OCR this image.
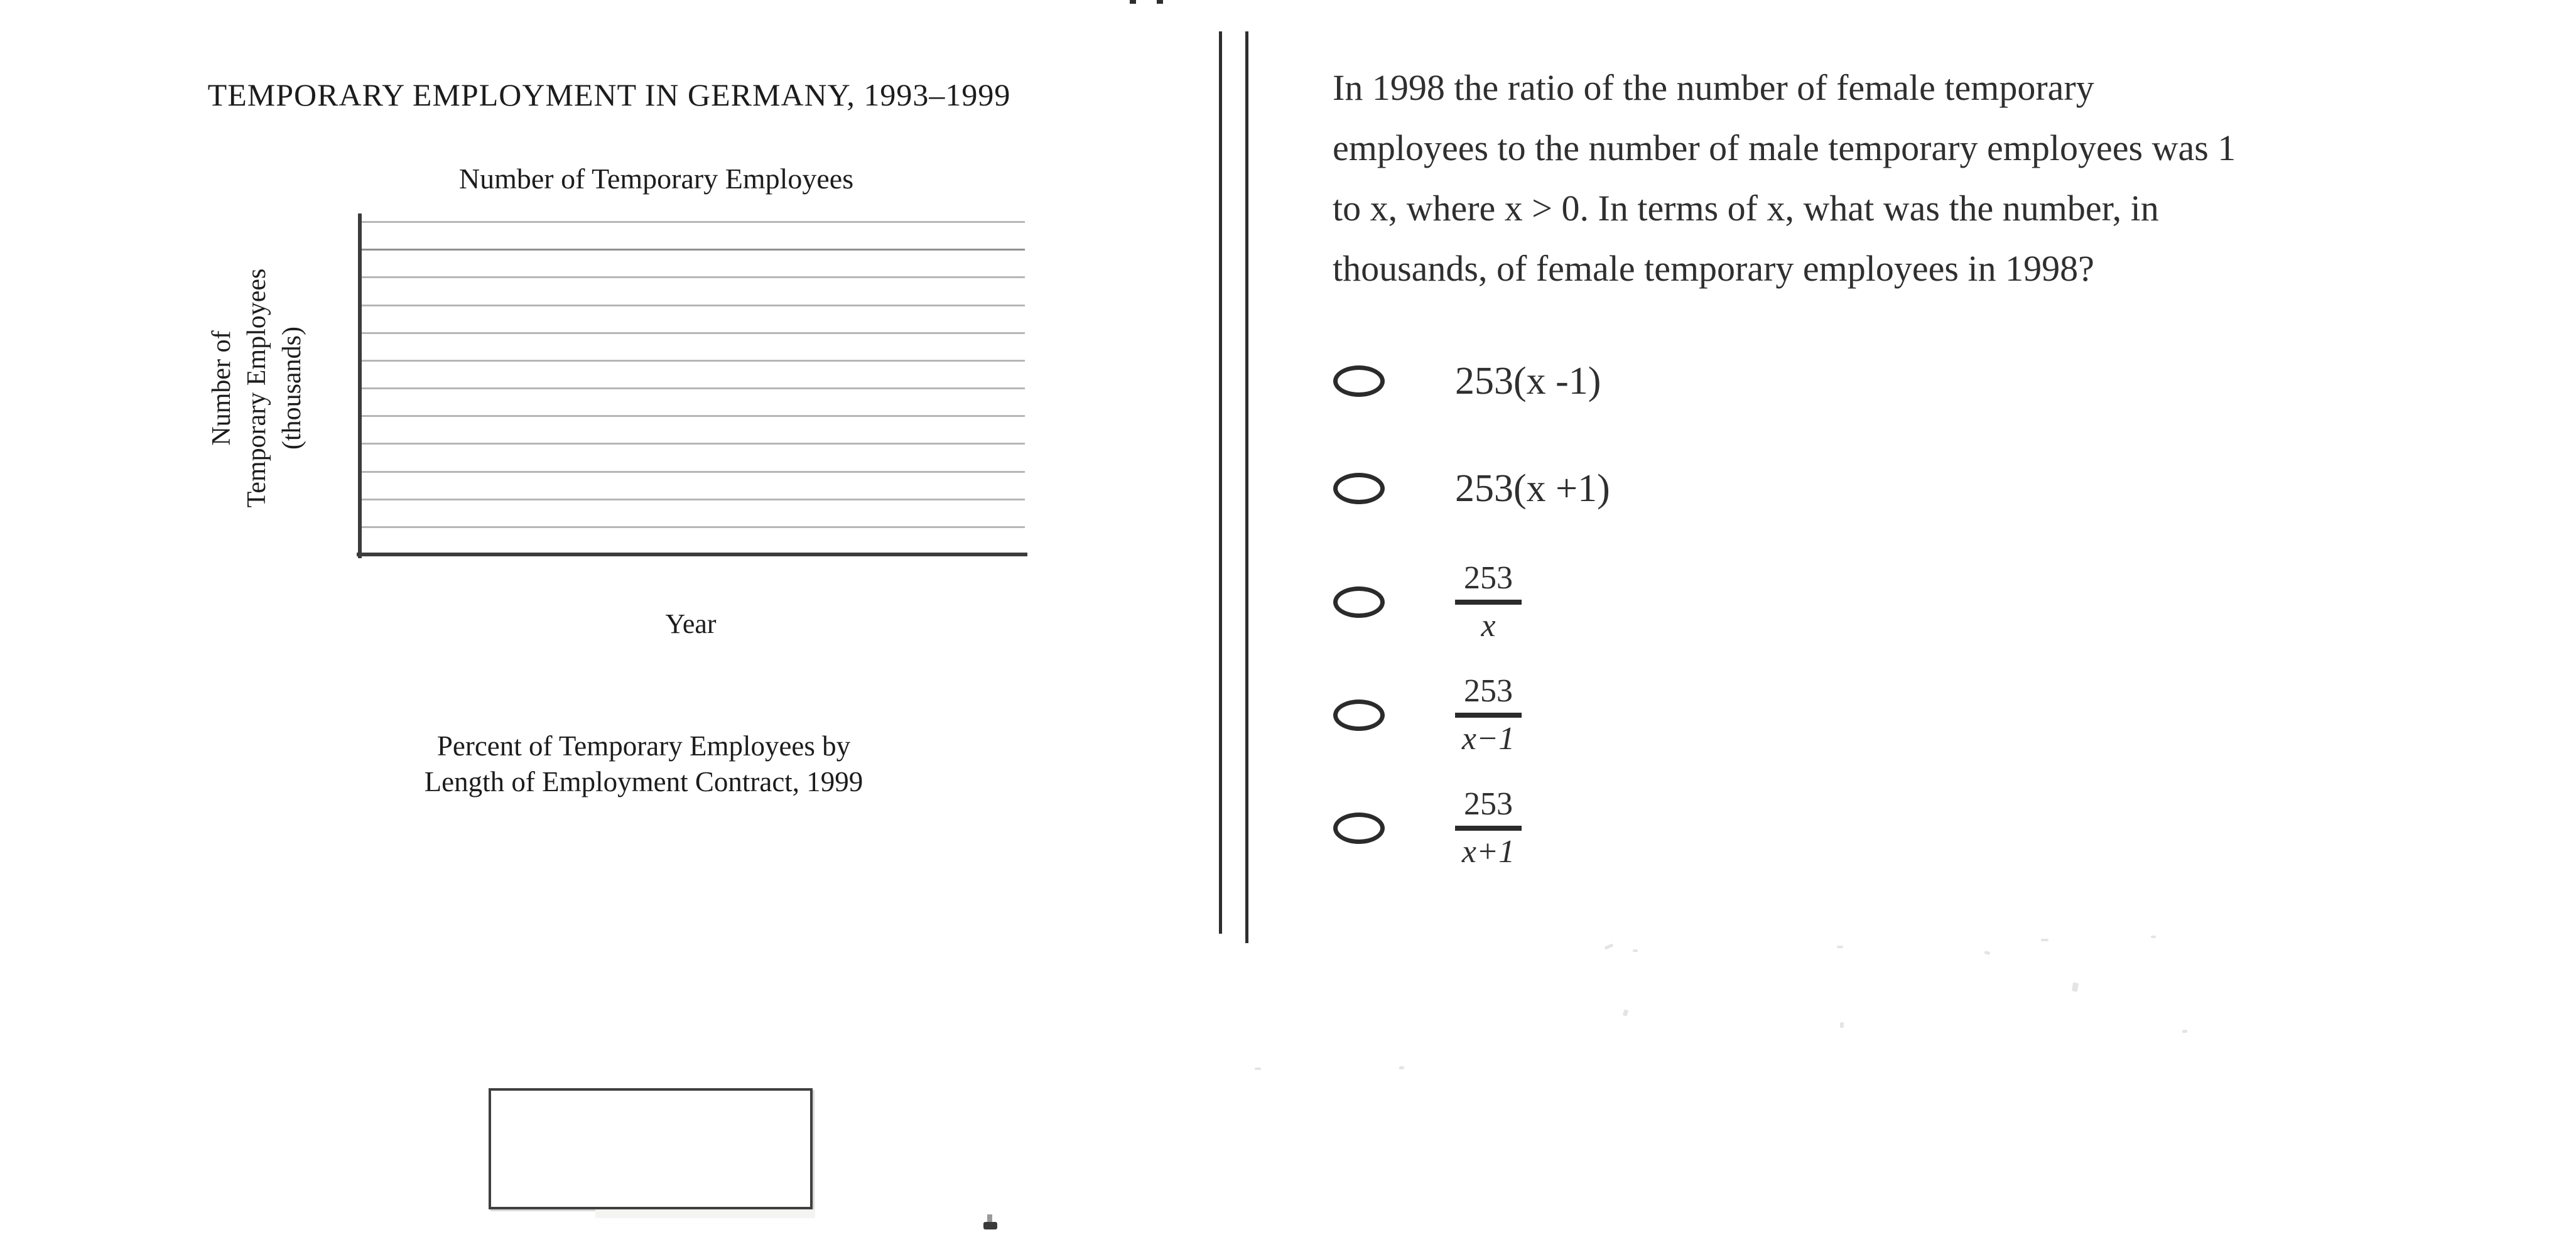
TEMPORARY EMPLOYMENT IN GERMANY, 1993–1999
Number of Temporary Employees
Number of Temporary Employees (thousands)
Year
Percent of Temporary Employees by
Length of Employment Contract, 1999
In 1998 the ratio of the number of female temporary
employees to the number of male temporary employees was 1
to x, where x > 0. In terms of x, what was the number, in
thousands, of female temporary employees in 1998?
253(x -1)
253(x +1)
253
x
253
x−1
253
x+1
